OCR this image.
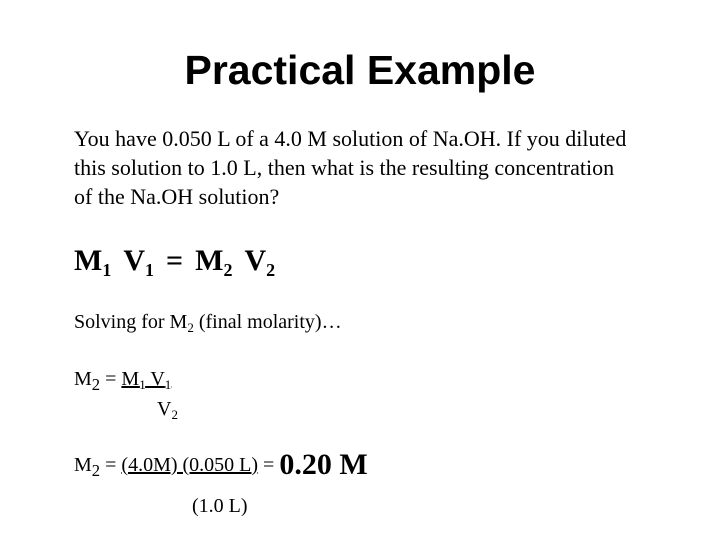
Practical Example
You have 0.050 L of a 4.0 M solution of Na.OH. If you diluted this solution to 1.0 L, then what is the resulting concentration of the Na.OH solution?
$M_1$ $V_1 = M_2$ $V_2$
Solving for $M_2$ (final molarity)…
$M_2 = M_1$ $V_1$
$V_2$
$M_2 = (4.0M)$ (0.050 L) = 0.20 M
(1.0 L)
